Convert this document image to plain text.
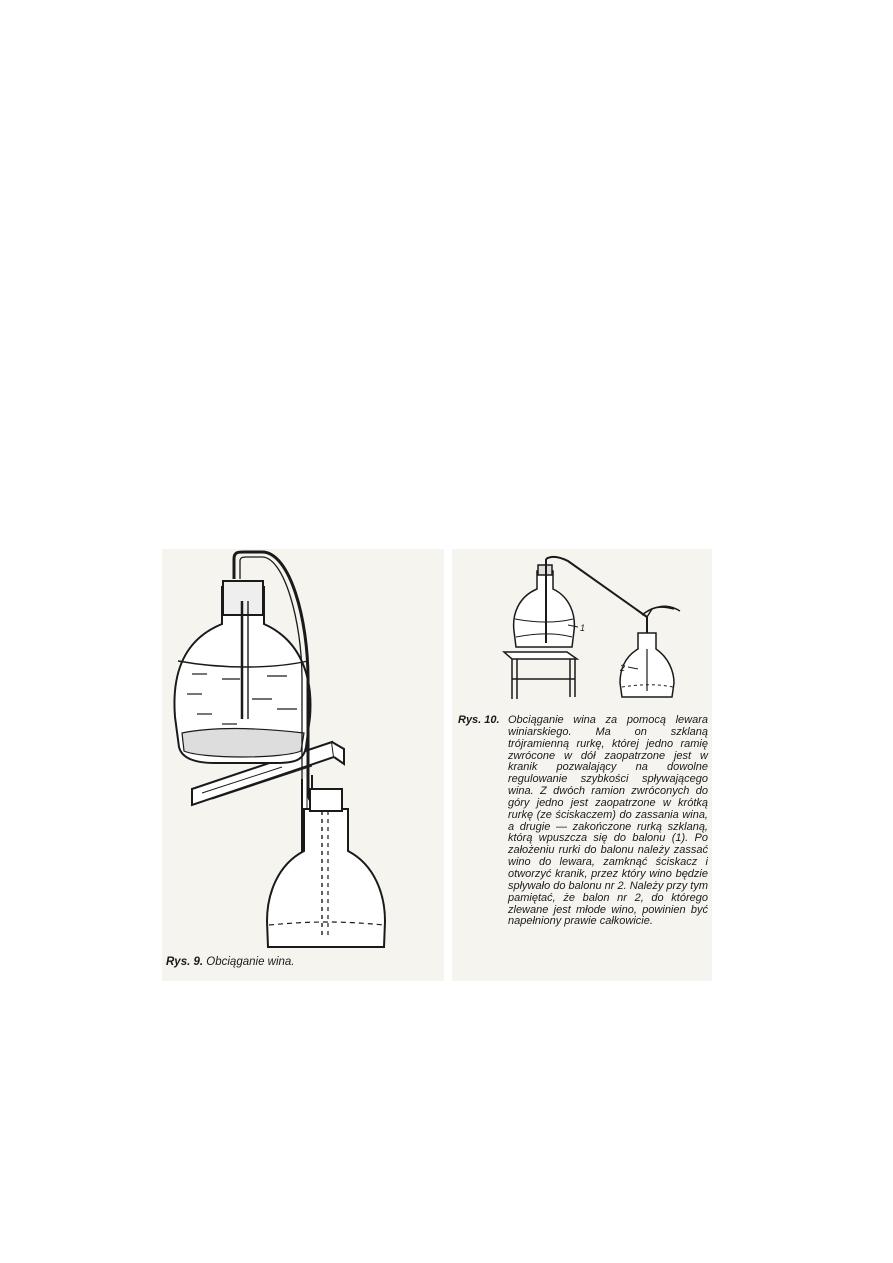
1
2
Rys. 9. Obciąganie wina.
Rys. 10. Obciąganie wina za pomocą lewara winiarskiego. Ma on szklaną trójramienną rurkę, której jedno ramię zwrócone w dół zaopatrzone jest w kranik pozwalający na dowolne regulowanie szybkości spływającego wina. Z dwóch ramion zwróconych do góry jedno jest zaopatrzone w krótką rurkę (ze ściskaczem) do zassania wina, a drugie — zakończone rurką szklaną, którą wpuszcza się do balonu (1). Po założeniu rurki do balonu należy zassać wino do lewara, zamknąć ściskacz i otworzyć kranik, przez który wino będzie spływało do balonu nr 2. Należy przy tym pamiętać, że balon nr 2, do którego zlewane jest młode wino, powinien być napełniony prawie całkowicie.
